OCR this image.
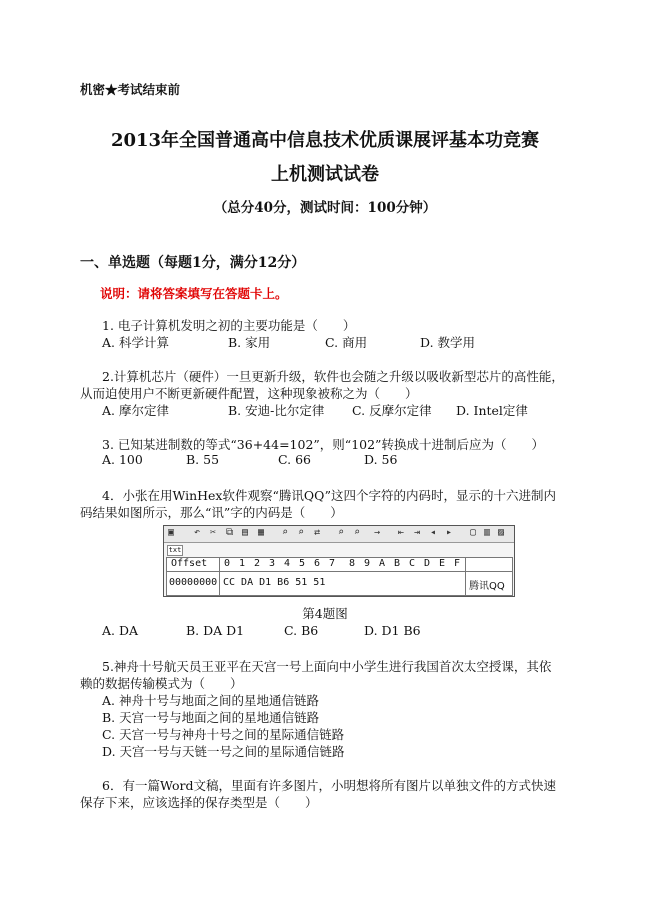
机密★考试结束前
2013年全国普通高中信息技术优质课展评基本功竞赛
上机测试试卷
（总分40分，测试时间：100分钟）
一、单选题（每题1分，满分12分）
说明：请将答案填写在答题卡上。
1. 电子计算机发明之初的主要功能是（　　）
A. 科学计算	B. 家用	C. 商用	D. 教学用
2.计算机芯片（硬件）一旦更新升级，软件也会随之升级以吸收新型芯片的高性能，
从而迫使用户不断更新硬件配置，这种现象被称之为（　　）
A. 摩尔定律	B. 安迪-比尔定律 C. 反摩尔定律 D. Intel定律
3. 已知某进制数的等式“36+44=102”，则“102”转换成十进制后应为（　　）
A. 100	B. 55	C. 66	D. 56
4．小张在用WinHex软件观察“腾讯QQ”这四个字符的内码时，显示的十六进制内
码结果如图所示，那么“讯”字的内码是（　　）
▣ ↶ ✂ ⧉ ▤ ▦ ⌕ ⌕ ⇄ ⌕ ⌕ → ⇤ ⇥ ◂ ▸ ▢ ▥ ▨
txt
Offset 0 1 2 3 4 5 6 7 8 9 A B C D E F
00000000 CC DA D1 B6 51 51	腾讯QQ
第4题图
A. DA	B. DA D1	C. B6	D. D1 B6
5.神舟十号航天员王亚平在天宫一号上面向中小学生进行我国首次太空授课，其依
赖的数据传输模式为（　　）
A. 神舟十号与地面之间的星地通信链路
B. 天宫一号与地面之间的星地通信链路
C. 天宫一号与神舟十号之间的星际通信链路
D. 天宫一号与天链一号之间的星际通信链路
6．有一篇Word文稿，里面有许多图片，小明想将所有图片以单独文件的方式快速
保存下来，应该选择的保存类型是（　　）
